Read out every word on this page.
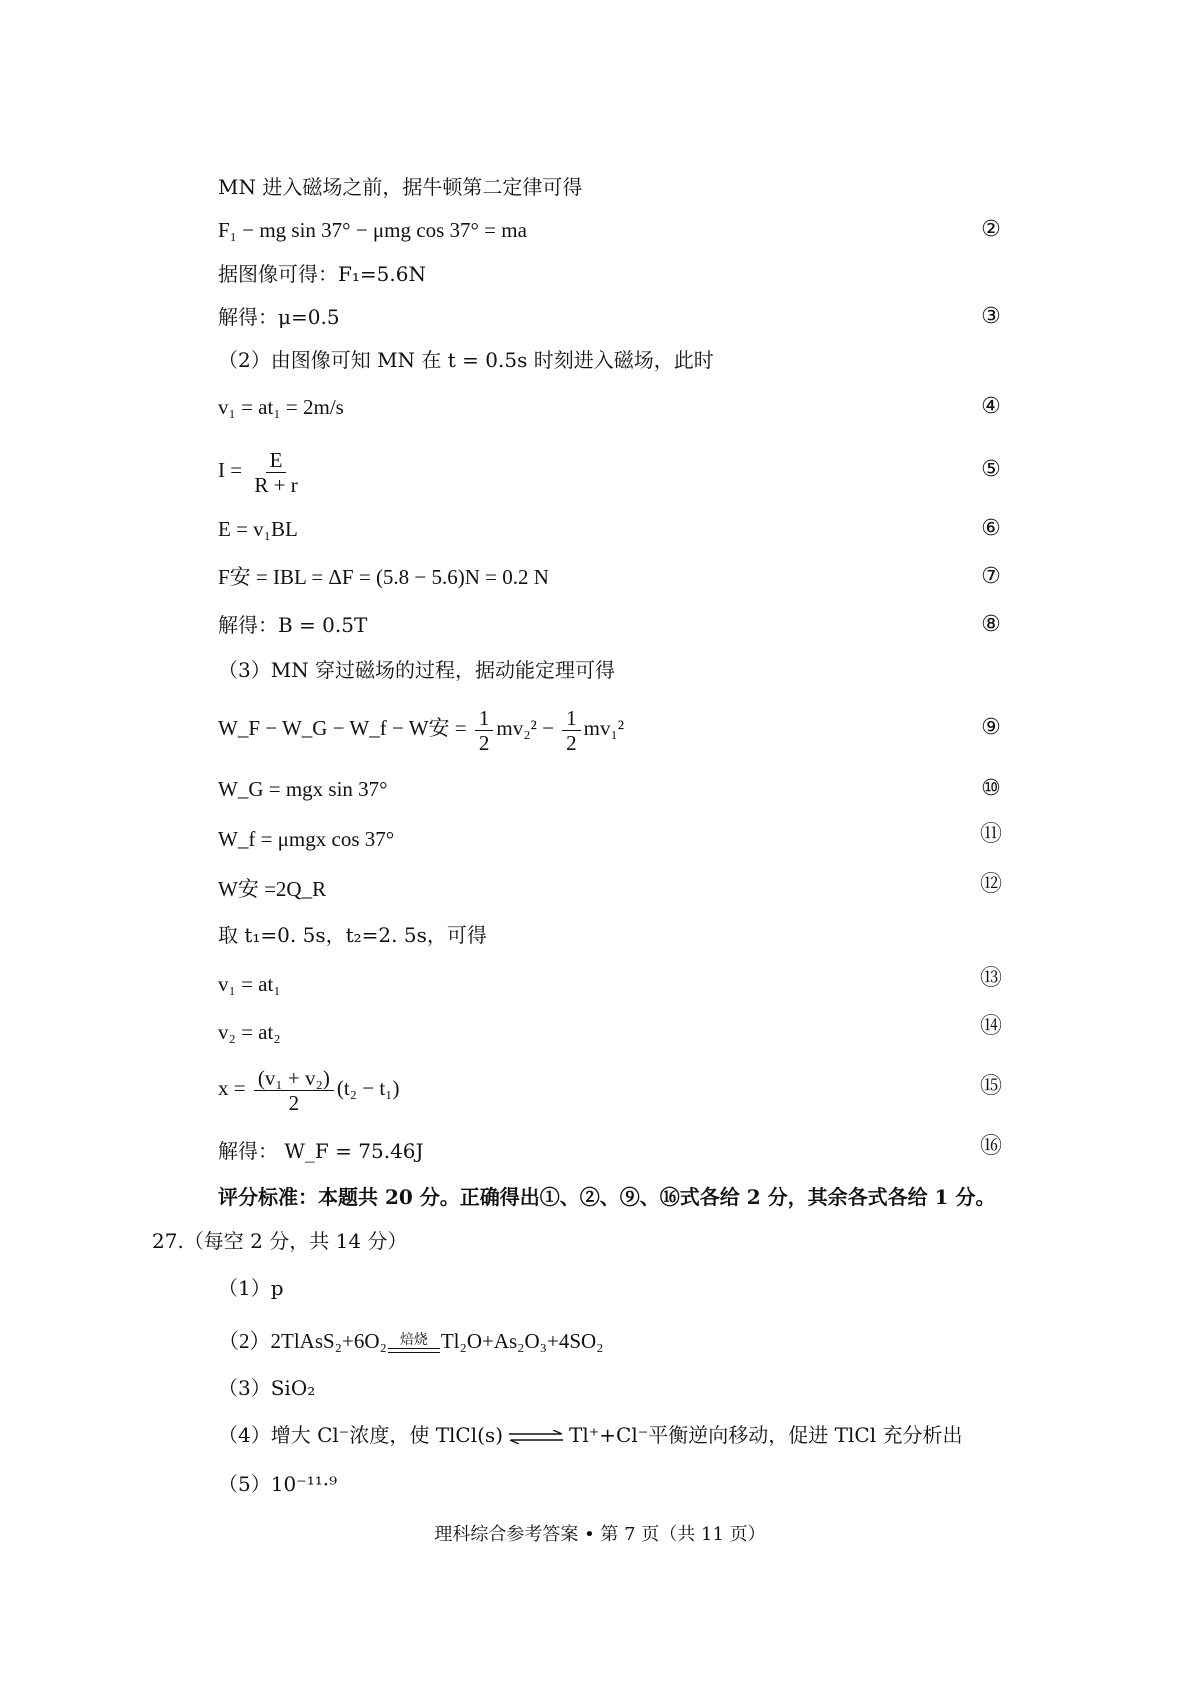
MN 进入磁场之前，据牛顿第二定律可得
F₁ − mg sin 37° − μmg cos 37° = ma	②
据图像可得：F₁=5.6N
解得：μ=0.5	③
（2）由图像可知 MN 在 t = 0.5s 时刻进入磁场，此时
v₁ = at₁ = 2m/s	④
$I = \frac{E}{R + r}$	⑤
E = v₁BL	⑥
F安 = IBL = ΔF = (5.8 − 5.6)N = 0.2 N	⑦
解得：B = 0.5T	⑧
（3）MN 穿过磁场的过程，据动能定理可得
W_F − W_G − W_f − W安 = $\frac{1}{2} mv_2^2 - \frac{1}{2} mv_1^2$	⑨
W_G = mgx sin 37°	⑩
W_f = μmgx cos 37°	⑪
W安 =2Q_R	⑫
取 t₁=0. 5s，t₂=2. 5s，可得
v₁ = at₁	⑬
v₂ = at₂	⑭
$x = \frac{\text{(v₁ + v₂)}}{2} (t_2 - t_1)$	⑮
解得： W_F = 75.46J	⑯
评分标准：本题共 20 分。正确得出①、②、⑨、⑯式各给 2 分，其余各式各给 1 分。
27.（每空 2 分，共 14 分）
（1）p
（2）2TlAsS₂+6O₂ 焙烧 Tl₂O+As₂O₃+4SO₂
（3）SiO₂
（4）增大 Cl⁻浓度，使 TlCl(s) ⇌ Tl⁺+Cl⁻平衡逆向移动，促进 TlCl 充分析出
（5）10⁻¹¹·⁹
理科综合参考答案 • 第 7 页（共 11 页）
